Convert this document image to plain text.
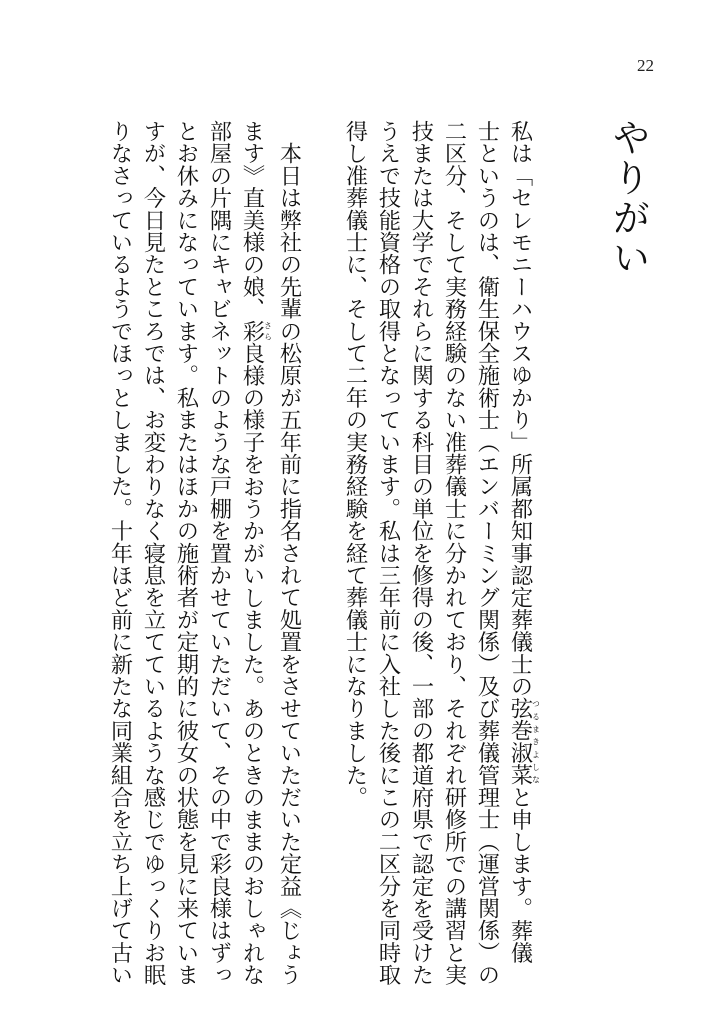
22
やりがい
私は「セレモニーハウスゆかり」所属都知事認定葬儀士の弦巻淑菜つるまきよしなと申します。葬儀
士というのは、衛生保全施術士（エンバーミング関係）及び葬儀管理士（運営関係）の
二区分、そして実務経験のない准葬儀士に分かれており、それぞれ研修所での講習と実
技または大学でそれらに関する科目の単位を修得の後、一部の都道府県で認定を受けた
うえで技能資格の取得となっています。私は三年前に入社した後にこの二区分を同時取
得し准葬儀士に、そして二年の実務経験を経て葬儀士になりました。
　本日は弊社の先輩の松原が五年前に指名されて処置をさせていただいた定益《じょう
ます》直美様の娘、彩さら良様の様子をおうかがいしました。あのときのままのおしゃれな
部屋の片隅にキャビネットのような戸棚を置かせていただいて、その中で彩良様はずっ
とお休みになっています。私またはほかの施術者が定期的に彼女の状態を見に来ていま
すが、今日見たところでは、お変わりなく寝息を立てているような感じでゆっくりお眠
りなさっているようでほっとしました。十年ほど前に新たな同業組合を立ち上げて古い
